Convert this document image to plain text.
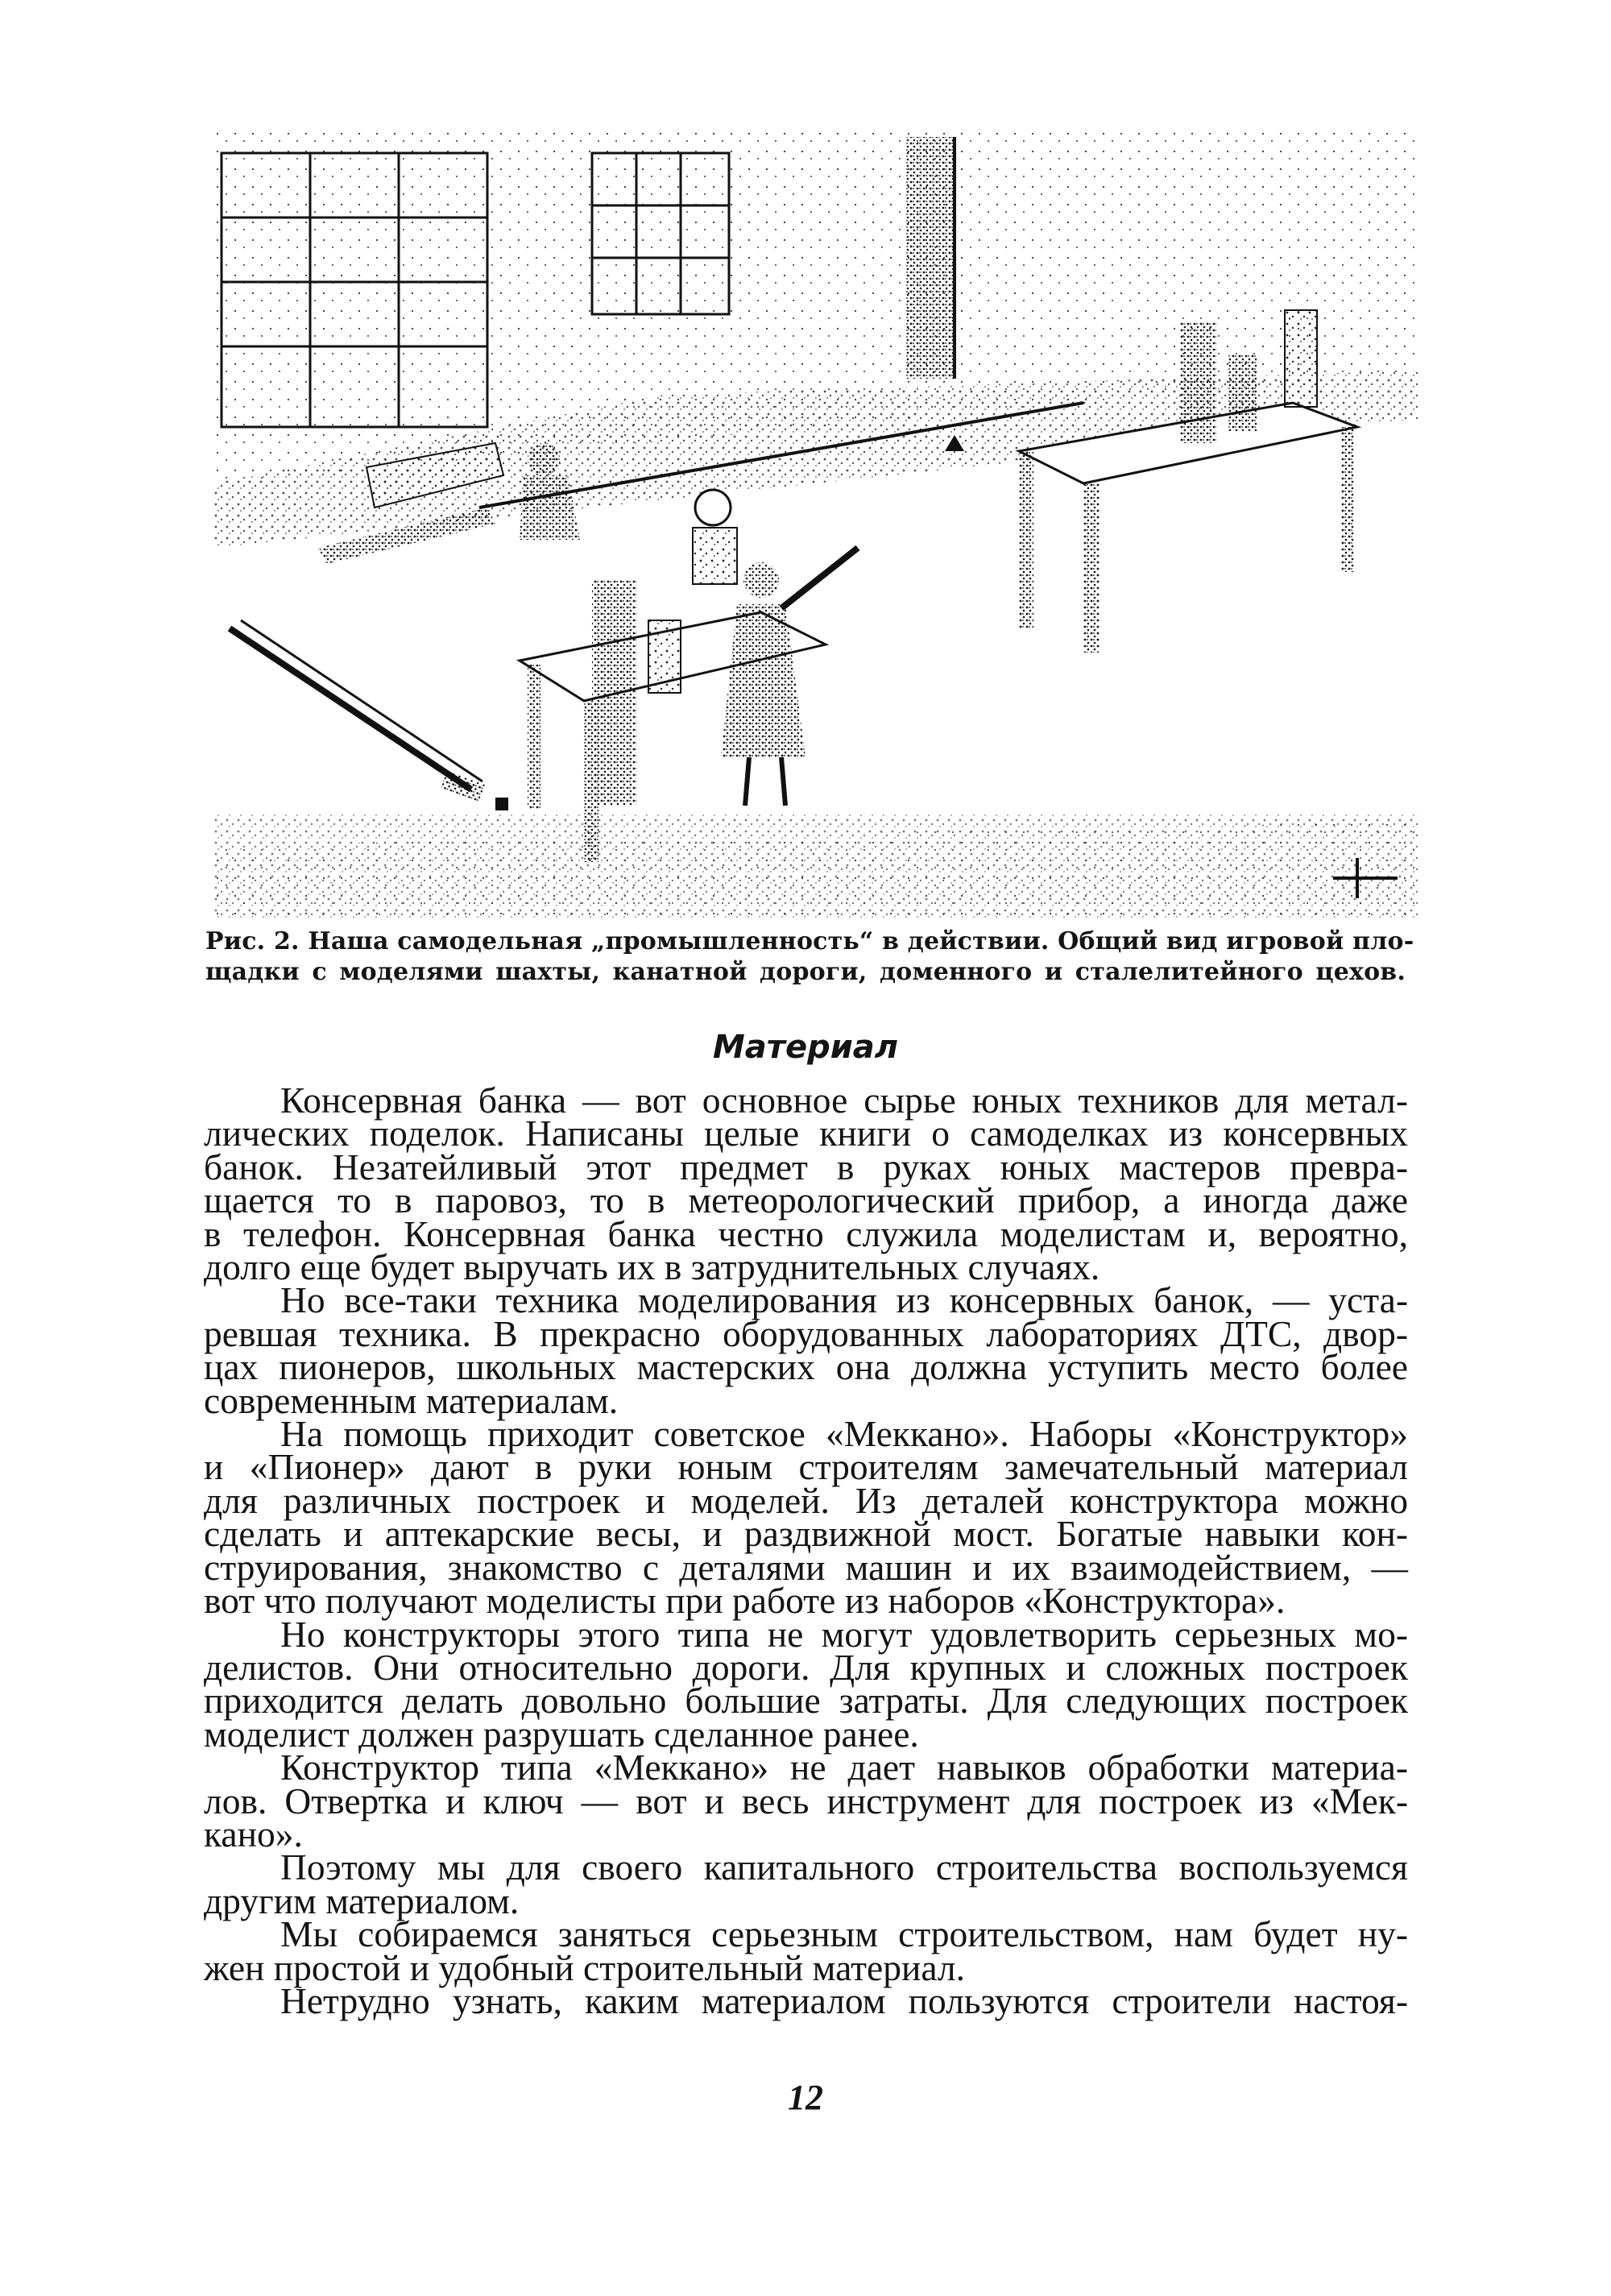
Рис. 2. Наша самодельная „промышленность“ в действии. Общий вид игровой пло-
щадки с моделями шахты, канатной дороги, доменного и сталелитейного цехов.
Материал
Консервная банка — вот основное сырье юных техников для метал-
лических поделок. Написаны целые книги о самоделках из консервных
банок. Незатейливый этот предмет в руках юных мастеров превра-
щается то в паровоз, то в метеорологический прибор, а иногда даже
в телефон. Консервная банка честно служила моделистам и, вероятно,
долго еще будет выручать их в затруднительных случаях.
Но все-таки техника моделирования из консервных банок, — уста-
ревшая техника. В прекрасно оборудованных лабораториях ДТС, двор-
цах пионеров, школьных мастерских она должна уступить место более
современным материалам.
На помощь приходит советское «Меккано». Наборы «Конструктор»
и «Пионер» дают в руки юным строителям замечательный материал
для различных построек и моделей. Из деталей конструктора можно
сделать и аптекарские весы, и раздвижной мост. Богатые навыки кон-
струирования, знакомство с деталями машин и их взаимодействием, —
вот что получают моделисты при работе из наборов «Конструктора».
Но конструкторы этого типа не могут удовлетворить серьезных мо-
делистов. Они относительно дороги. Для крупных и сложных построек
приходится делать довольно большие затраты. Для следующих построек
моделист должен разрушать сделанное ранее.
Конструктор типа «Меккано» не дает навыков обработки материа-
лов. Отвертка и ключ — вот и весь инструмент для построек из «Мек-
кано».
Поэтому мы для своего капитального строительства воспользуемся
другим материалом.
Мы собираемся заняться серьезным строительством, нам будет ну-
жен простой и удобный строительный материал.
Нетрудно узнать, каким материалом пользуются строители настоя-
12
